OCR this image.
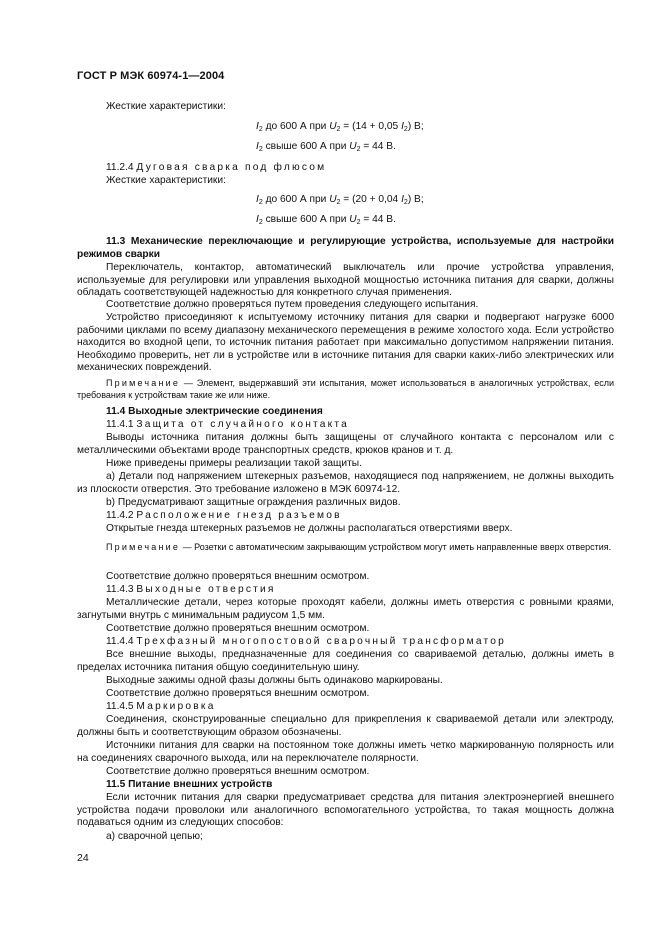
ГОСТ Р МЭК 60974-1—2004
Жесткие характеристики:
$I_2$ до 600 А при $U_2 = (14 + 0,05$ $I_2$) В;
$I_2$ свыше 600 А при $U_2 = 44$ В.
11.2.4 Дуговая сварка под флюсом
Жесткие характеристики:
$I_2$ до 600 А при $U_2 = (20 + 0,04$ $I_2$) В;
$I_2$ свыше 600 А при $U_2 = 44$ В.
11.3 Механические переключающие и регулирующие устройства, используемые для настройки режимов сварки
Переключатель, контактор, автоматический выключатель или прочие устройства управления, используемые для регулировки или управления выходной мощностью источника питания для сварки, должны обладать соответствующей надежностью для конкретного случая применения.
Соответствие должно проверяться путем проведения следующего испытания.
Устройство присоединяют к испытуемому источнику питания для сварки и подвергают нагрузке 6000 рабочими циклами по всему диапазону механического перемещения в режиме холостого хода. Если устройство находится во входной цепи, то источник питания работает при максимально допустимом напряжении питания. Необходимо проверить, нет ли в устройстве или в источнике питания для сварки каких-либо электрических или механических повреждений.
Примечание — Элемент, выдержавший эти испытания, может использоваться в аналогичных устройствах, если требования к устройствам такие же или ниже.
11.4 Выходные электрические соединения
11.4.1 Защита от случайного контакта
Выводы источника питания должны быть защищены от случайного контакта с персоналом или с металлическими объектами вроде транспортных средств, крюков кранов и т. д.
Ниже приведены примеры реализации такой защиты.
a) Детали под напряжением штекерных разъемов, находящиеся под напряжением, не должны выходить из плоскости отверстия. Это требование изложено в МЭК 60974-12.
b) Предусматривают защитные ограждения различных видов.
11.4.2 Расположение гнезд разъемов
Открытые гнезда штекерных разъемов не должны располагаться отверстиями вверх.
Примечание — Розетки с автоматическим закрывающим устройством могут иметь направленные вверх отверстия.
Соответствие должно проверяться внешним осмотром.
11.4.3 Выходные отверстия
Металлические детали, через которые проходят кабели, должны иметь отверстия с ровными краями, загнутыми внутрь с минимальным радиусом 1,5 мм.
Соответствие должно проверяться внешним осмотром.
11.4.4 Трехфазный многопостовой сварочный трансформатор
Все внешние выходы, предназначенные для соединения со свариваемой деталью, должны иметь в пределах источника питания общую соединительную шину.
Выходные зажимы одной фазы должны быть одинаково маркированы.
Соответствие должно проверяться внешним осмотром.
11.4.5 Маркировка
Соединения, сконструированные специально для прикрепления к свариваемой детали или электроду, должны быть и соответствующим образом обозначены.
Источники питания для сварки на постоянном токе должны иметь четко маркированную полярность или на соединениях сварочного выхода, или на переключателе полярности.
Соответствие должно проверяться внешним осмотром.
11.5 Питание внешних устройств
Если источник питания для сварки предусматривает средства для питания электроэнергией внешнего устройства подачи проволоки или аналогичного вспомогательного устройства, то такая мощность должна подаваться одним из следующих способов:
а) сварочной цепью;
24
